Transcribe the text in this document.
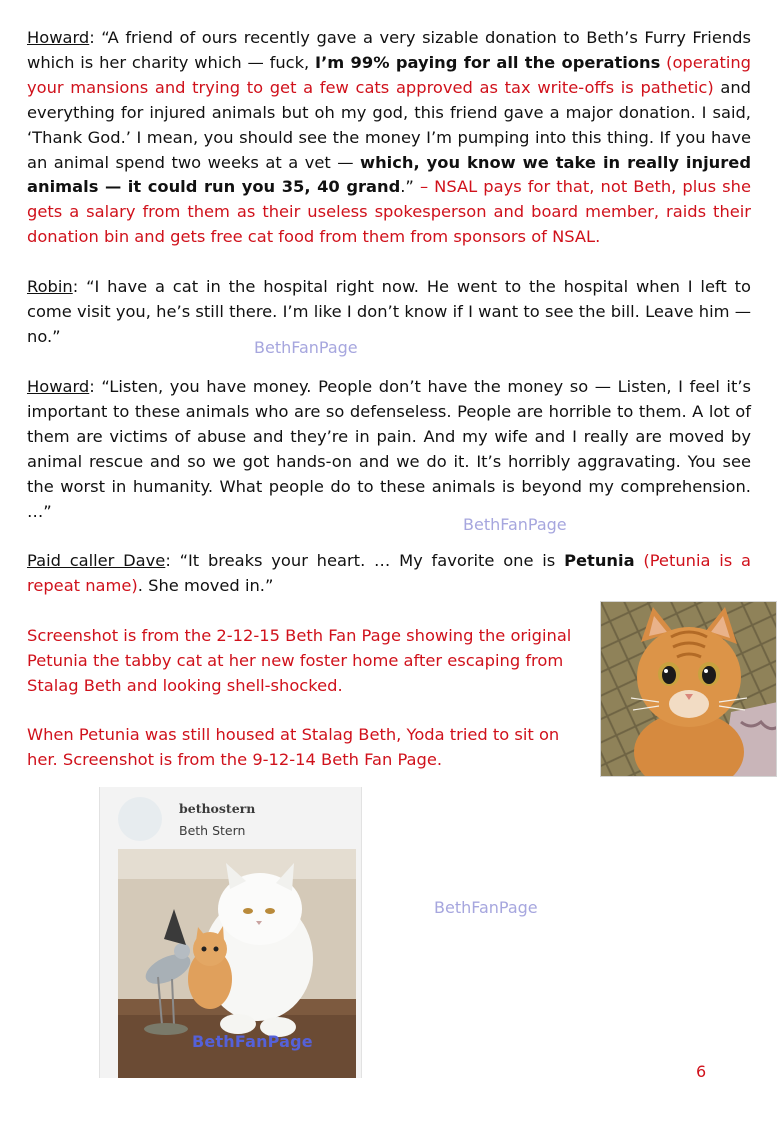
Howard: “A friend of ours recently gave a very sizable donation to Beth’s Furry Friends which is her charity which — fuck, I’m 99% paying for all the operations (operating your mansions and trying to get a few cats approved as tax write-offs is pathetic) and everything for injured animals but oh my god, this friend gave a major donation. I said, ‘Thank God.’ I mean, you should see the money I’m pumping into this thing. If you have an animal spend two weeks at a vet — which, you know we take in really injured animals — it could run you 35, 40 grand.” – NSAL pays for that, not Beth, plus she gets a salary from them as their useless spokesperson and board member, raids their donation bin and gets free cat food from them from sponsors of NSAL.

Robin: “I have a cat in the hospital right now. He went to the hospital when I left to come visit you, he’s still there. I’m like I don’t know if I want to see the bill. Leave him — no.”

BethFanPage

Howard: “Listen, you have money. People don’t have the money so — Listen, I feel it’s important to these animals who are so defenseless. People are horrible to them. A lot of them are victims of abuse and they’re in pain. And my wife and I really are moved by animal rescue and so we got hands-on and we do it. It’s horribly aggravating. You see the worst in humanity. What people do to these animals is beyond my comprehension. …”

BethFanPage

Paid caller Dave: “It breaks your heart. … My favorite one is Petunia (Petunia is a repeat name). She moved in.”

Screenshot is from the 2-12-15 Beth Fan Page showing the original Petunia the tabby cat at her new foster home after escaping from Stalag Beth and looking shell-shocked.

When Petunia was still housed at Stalag Beth, Yoda tried to sit on her. Screenshot is from the 9-12-14 Beth Fan Page.

bethostern
Beth Stern
BethFanPage
BethFanPage
6
